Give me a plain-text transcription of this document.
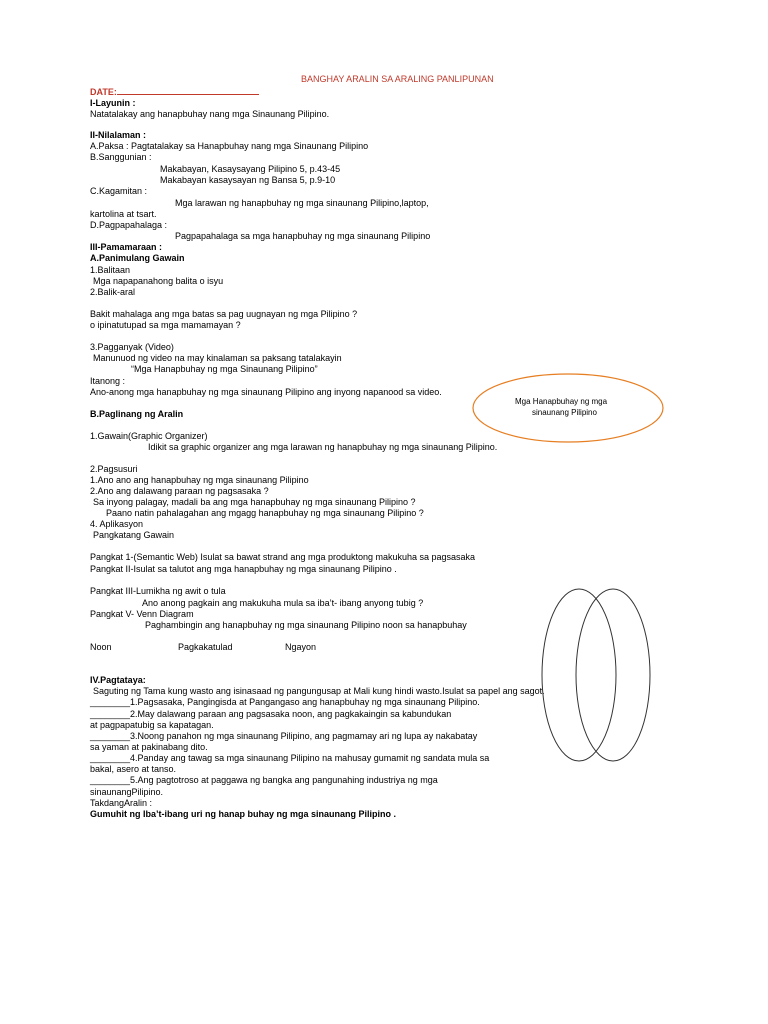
BANGHAY ARALIN SA ARALING PANLIPUNAN
DATE:
I-Layunin :
Natatalakay ang hanapbuhay nang mga Sinaunang Pilipino.
II-Nilalaman :
A.Paksa : Pagtatalakay sa Hanapbuhay nang mga Sinaunang Pilipino
B.Sanggunian :
Makabayan, Kasaysayang Pilipino 5, p.43-45
Makabayan kasaysayan ng Bansa 5, p.9-10
C.Kagamitan :
Mga larawan ng hanapbuhay ng mga sinaunang Pilipino,laptop,
kartolina at tsart.
D.Pagpapahalaga :
Pagpapahalaga sa mga hanapbuhay ng mga sinaunang Pilipino
III-Pamamaraan :
A.Panimulang Gawain
1.Balitaan
Mga napapanahong balita o isyu
2.Balik-aral
Bakit mahalaga ang mga batas sa pag uugnayan ng mga Pilipino ?
o ipinatutupad sa mga mamamayan ?
3.Pagganyak (Video)
Manunuod ng video na may kinalaman sa paksang tatalakayin
“Mga Hanapbuhay ng mga Sinaunang Pilipino”
Itanong :
Ano-anong mga hanapbuhay ng mga sinaunang Pilipino ang inyong napanood sa video.
B.Paglinang ng Aralin
1.Gawain(Graphic Organizer)
Idikit sa graphic organizer ang mga larawan ng hanapbuhay ng mga sinaunang Pilipino.
2.Pagsusuri
1.Ano ano ang hanapbuhay ng mga sinaunang Pilipino
2.Ano ang dalawang paraan ng pagsasaka ?
Sa inyong palagay, madali ba ang mga hanapbuhay ng mga sinaunang Pilipino ?
Paano natin pahalagahan ang mgagg hanapbuhay ng mga sinaunang Pilipino ?
4. Aplikasyon
Pangkatang Gawain
Pangkat 1-(Semantic Web) Isulat sa bawat strand ang mga produktong makukuha sa pagsasaka
Pangkat II-Isulat sa talutot ang mga hanapbuhay ng mga sinaunang Pilipino .
Pangkat III-Lumikha ng awit o tula
Ano anong pagkain ang makukuha mula sa iba’t- ibang anyong tubig ?
Pangkat V- Venn Diagram
Paghambingin ang hanapbuhay ng mga sinaunang Pilipino noon sa hanapbuhay
Noon	Pagkakatulad	Ngayon
IV.Pagtataya:
Saguting ng Tama kung wasto ang isinasaad ng pangungusap at Mali kung hindi wasto.Isulat sa papel ang sagot.
________1.Pagsasaka, Pangingisda at Pangangaso ang hanapbuhay ng mga sinaunang Pilipino.
________2.May dalawang paraan ang pagsasaka noon, ang pagkakaingin sa kabundukan
at pagpapatubig sa kapatagan.
________3.Noong panahon ng mga sinaunang Pilipino, ang pagmamay ari ng lupa ay nakabatay
sa yaman at pakinabang dito.
________4.Panday ang tawag sa mga sinaunang Pilipino na mahusay gumamit ng sandata mula sa
bakal, asero at tanso.
________5.Ang pagtotroso at paggawa ng bangka ang pangunahing industriya ng mga
sinaunangPilipino.
TakdangAralin :
Gumuhit ng Iba’t-ibang uri ng hanap buhay ng mga sinaunang Pilipino .
Mga Hanapbuhay ng mga
sinaunang Pilipino
